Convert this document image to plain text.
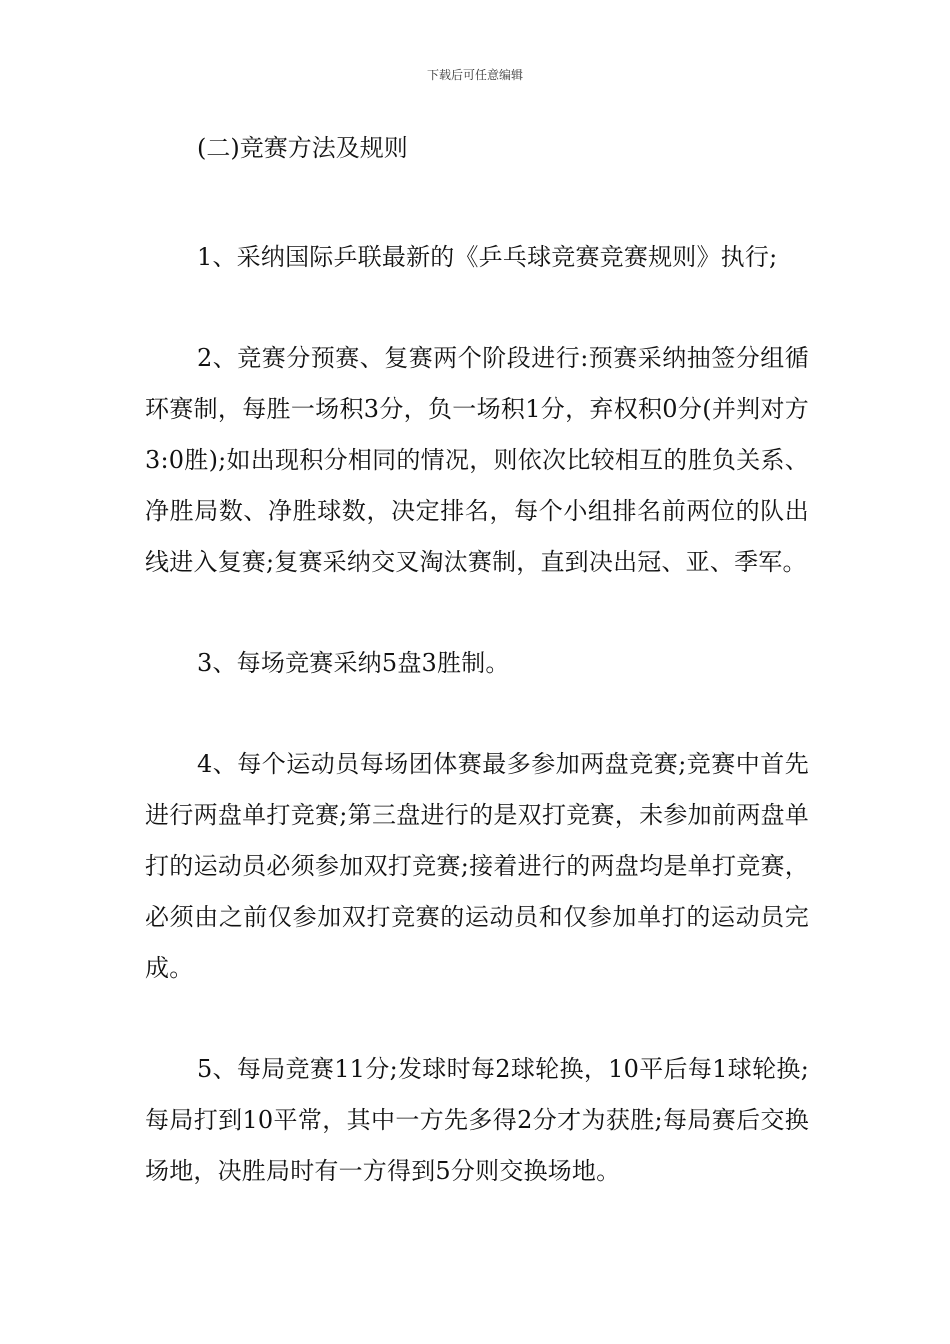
下载后可任意编辑

(二)竞赛方法及规则

1、采纳国际乒联最新的《乒乓球竞赛竞赛规则》执行;

2、竞赛分预赛、复赛两个阶段进行:预赛采纳抽签分组循环赛制，每胜一场积3分，负一场积1分，弃权积0分(并判对方3:0胜);如出现积分相同的情况，则依次比较相互的胜负关系、净胜局数、净胜球数，决定排名，每个小组排名前两位的队出线进入复赛;复赛采纳交叉淘汰赛制，直到决出冠、亚、季军。

3、每场竞赛采纳5盘3胜制。

4、每个运动员每场团体赛最多参加两盘竞赛;竞赛中首先进行两盘单打竞赛;第三盘进行的是双打竞赛，未参加前两盘单打的运动员必须参加双打竞赛;接着进行的两盘均是单打竞赛，必须由之前仅参加双打竞赛的运动员和仅参加单打的运动员完成。

5、每局竞赛11分;发球时每2球轮换，10平后每1球轮换;每局打到10平常，其中一方先多得2分才为获胜;每局赛后交换场地，决胜局时有一方得到5分则交换场地。
